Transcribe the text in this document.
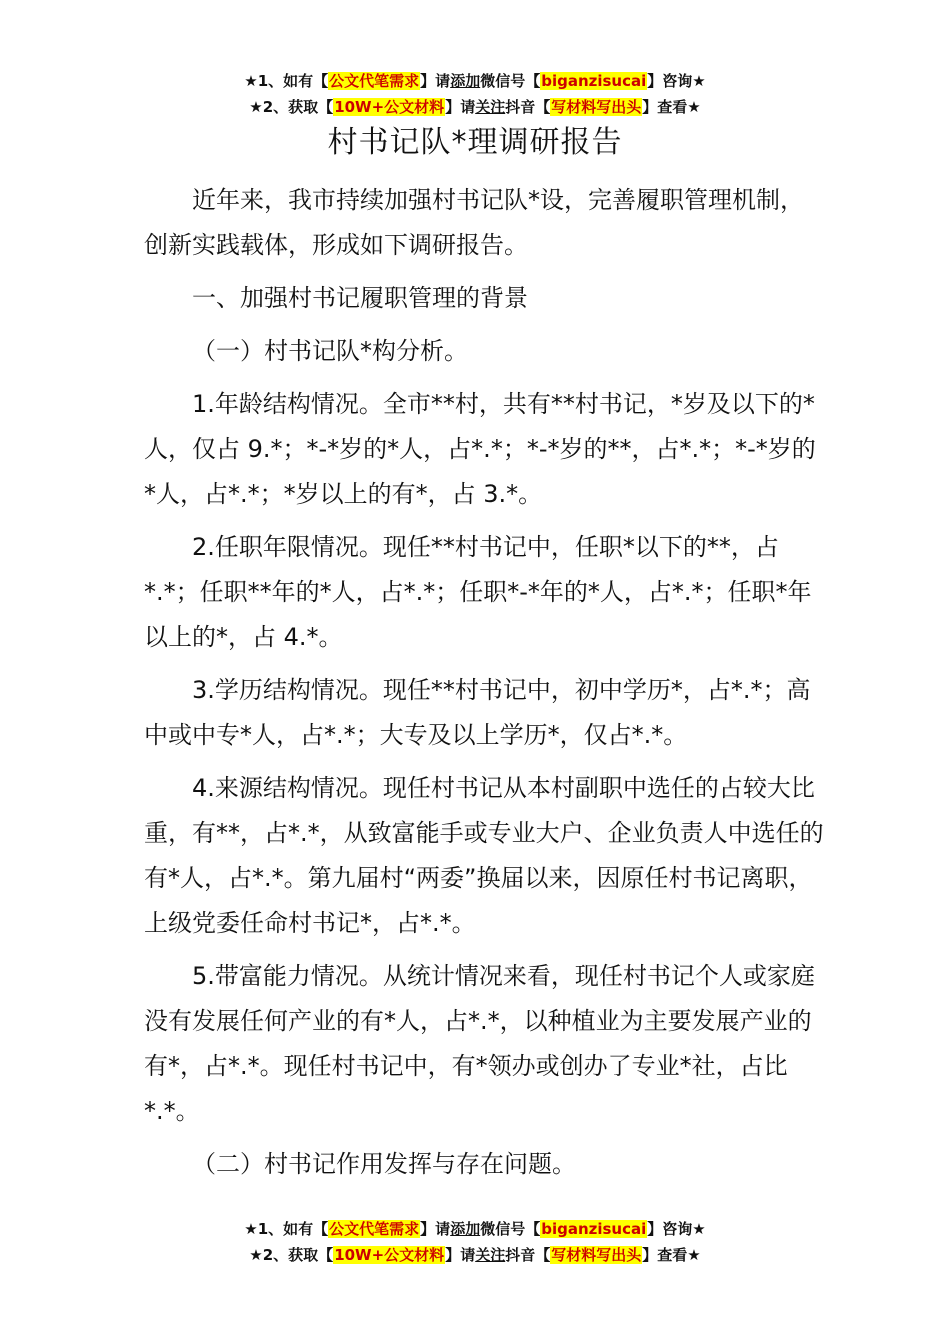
★1、如有【公文代笔需求】请添加微信号【biganzisucai】咨询★
★2、获取【10W+公文材料】请关注抖音【写材料写出头】查看★
村书记队*理调研报告

近年来，我市持续加强村书记队*设，完善履职管理机制，创新实践载体，形成如下调研报告。

一、加强村书记履职管理的背景

（一）村书记队*构分析。

1.年龄结构情况。全市**村，共有**村书记，*岁及以下的*人，仅占 9.*；*-*岁的*人，占*.*；*-*岁的**，占*.*；*-*岁的*人，占*.*；*岁以上的有*，占 3.*。

2.任职年限情况。现任**村书记中，任职*以下的**，占*.*；任职**年的*人，占*.*；任职*-*年的*人，占*.*；任职*年以上的*，占 4.*。

3.学历结构情况。现任**村书记中，初中学历*，占*.*；高中或中专*人，占*.*；大专及以上学历*，仅占*.*。

4.来源结构情况。现任村书记从本村副职中选任的占较大比重，有**，占*.*，从致富能手或专业大户、企业负责人中选任的有*人，占*.*。第九届村“两委”换届以来，因原任村书记离职，上级党委任命村书记*，占*.*。

5.带富能力情况。从统计情况来看，现任村书记个人或家庭没有发展任何产业的有*人，占*.*，以种植业为主要发展产业的有*，占*.*。现任村书记中，有*领办或创办了专业*社，占比*.*。

（二）村书记作用发挥与存在问题。

★1、如有【公文代笔需求】请添加微信号【biganzisucai】咨询★
★2、获取【10W+公文材料】请关注抖音【写材料写出头】查看★
